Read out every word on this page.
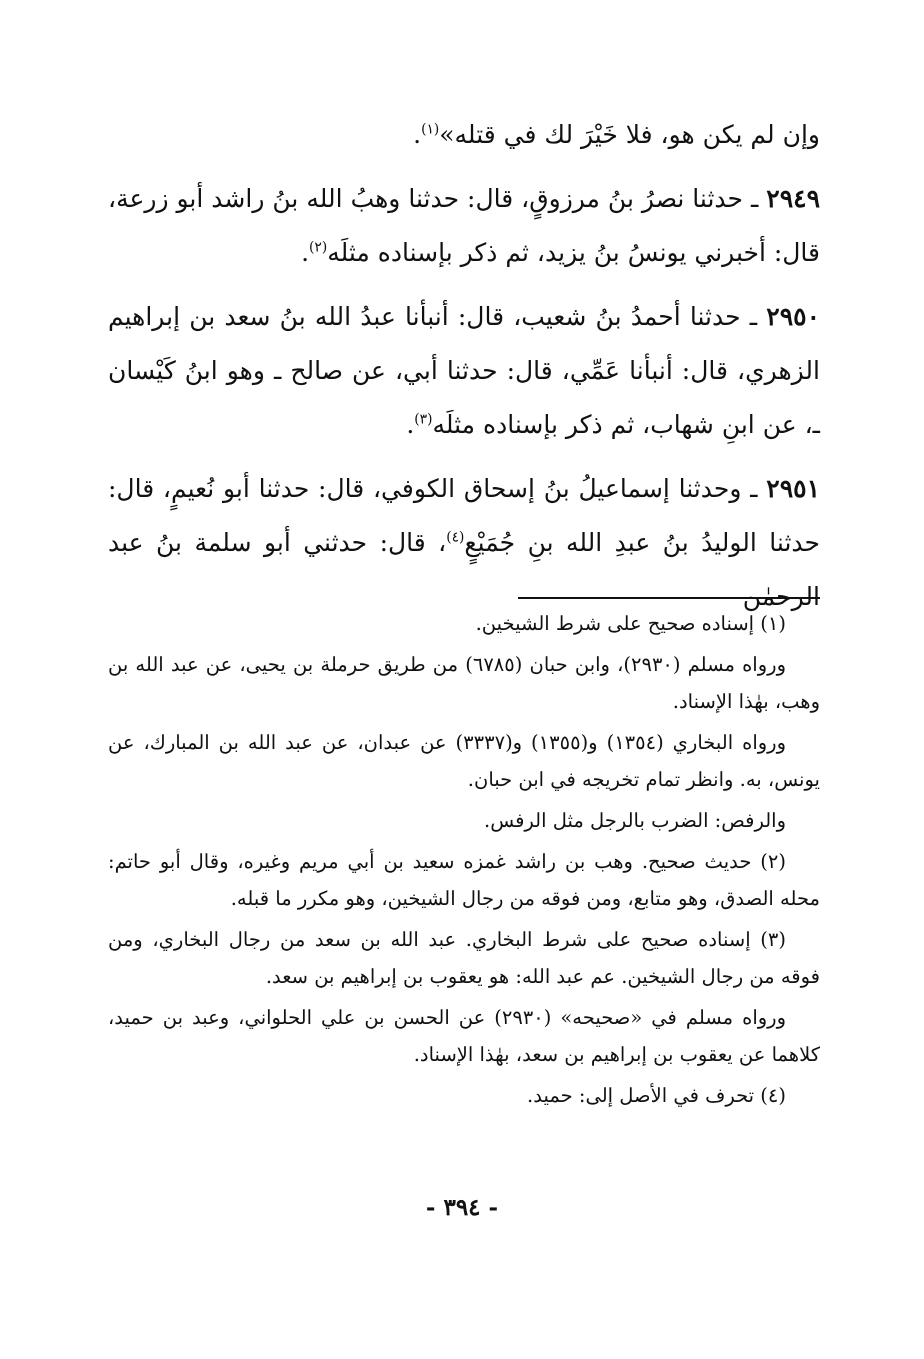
وإن لم يكن هو، فلا خَيْرَ لك في قتله»$^{(١)}$.

٢٩٤٩ ـ حدثنا نصرُ بنُ مرزوقٍ، قال: حدثنا وهبُ الله بنُ راشد أبو زرعة، قال: أخبرني يونسُ بنُ يزيد، ثم ذكر بإسناده مثلَه$^{(٢)}$.

٢٩٥٠ ـ حدثنا أحمدُ بنُ شعيب، قال: أنبأنا عبدُ الله بنُ سعد بن إبراهيم الزهري، قال: أنبأنا عَمِّي، قال: حدثنا أبي، عن صالح ـ وهو ابنُ كَيْسان ـ، عن ابنِ شهاب، ثم ذكر بإسناده مثلَه$^{(٣)}$.

٢٩٥١ ـ وحدثنا إسماعيلُ بنُ إسحاق الكوفي، قال: حدثنا أبو نُعيمٍ، قال: حدثنا الوليدُ بنُ عبدِ الله بنِ جُمَيْعٍ$^{(٤)}$، قال: حدثني أبو سلمة بنُ عبد الرحمٰن

(١) إسناده صحيح على شرط الشيخين.

ورواه مسلم (٢٩٣٠)، وابن حبان (٦٧٨٥) من طريق حرملة بن يحيى، عن عبد الله بن وهب، بهٰذا الإسناد.

ورواه البخاري (١٣٥٤) و(١٣٥٥) و(٣٣٣٧) عن عبدان، عن عبد الله بن المبارك، عن يونس، به. وانظر تمام تخريجه في ابن حبان.

والرفص: الضرب بالرجل مثل الرفس.

(٢) حديث صحيح. وهب بن راشد غمزه سعيد بن أبي مريم وغيره، وقال أبو حاتم: محله الصدق، وهو متابع، ومن فوقه من رجال الشيخين، وهو مكرر ما قبله.

(٣) إسناده صحيح على شرط البخاري. عبد الله بن سعد من رجال البخاري، ومن فوقه من رجال الشيخين. عم عبد الله: هو يعقوب بن إبراهيم بن سعد.

ورواه مسلم في «صحيحه» (٢٩٣٠) عن الحسن بن علي الحلواني، وعبد بن حميد، كلاهما عن يعقوب بن إبراهيم بن سعد، بهٰذا الإسناد.

(٤) تحرف في الأصل إلى: حميد.

- ٣٩٤ -
